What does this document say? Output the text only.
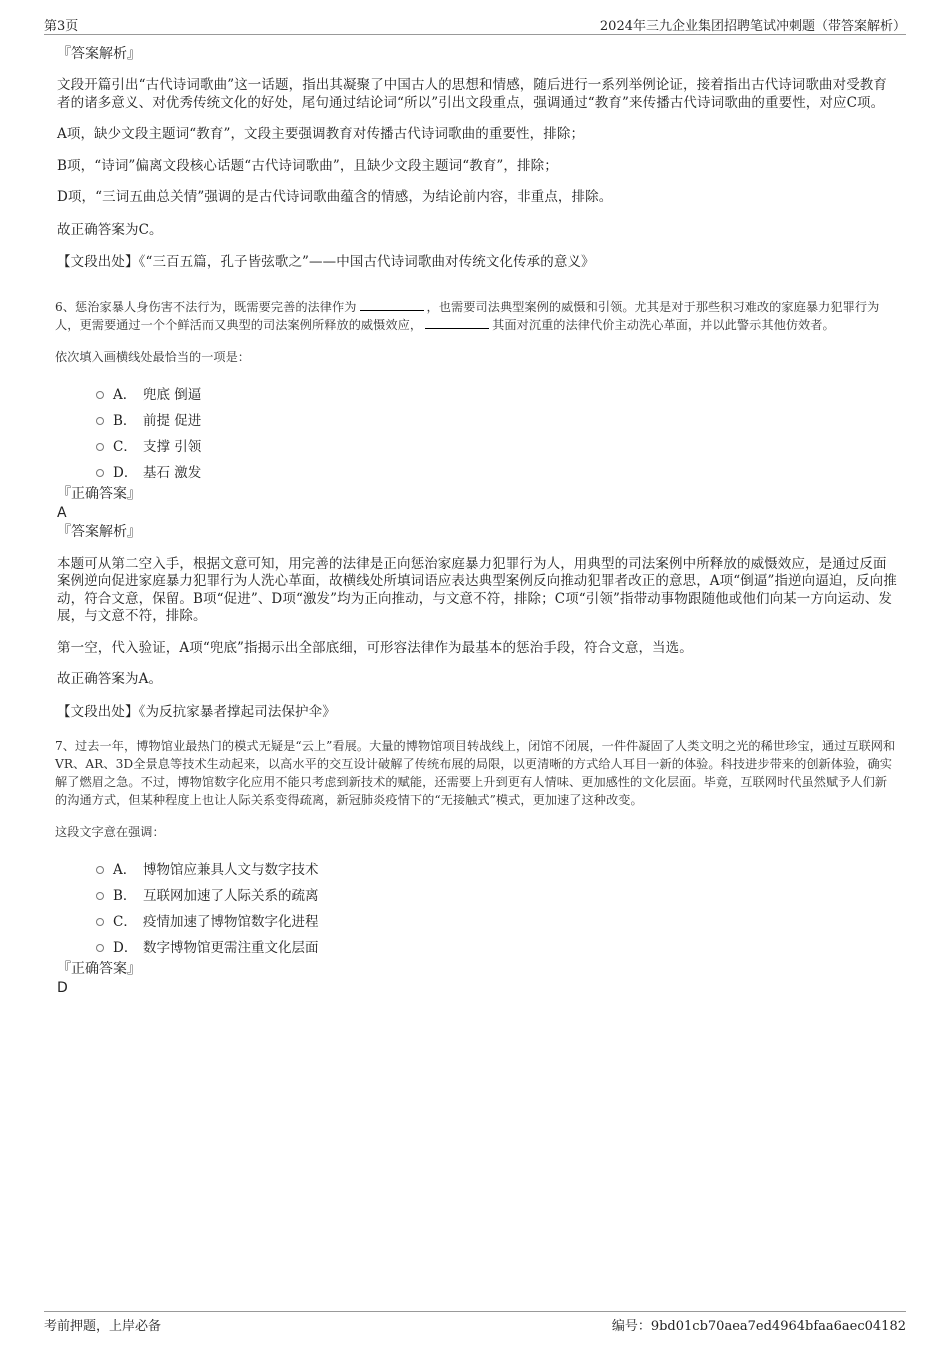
第3页	2024年三九企业集团招聘笔试冲刺题（带答案解析）

『答案解析』

文段开篇引出“古代诗词歌曲”这一话题，指出其凝聚了中国古人的思想和情感，随后进行一系列举例论证，接着指出古代诗词歌曲对受教育者的诸多意义、对优秀传统文化的好处，尾句通过结论词“所以”引出文段重点，强调通过“教育”来传播古代诗词歌曲的重要性，对应C项。

A项，缺少文段主题词“教育”，文段主要强调教育对传播古代诗词歌曲的重要性，排除；

B项，“诗词”偏离文段核心话题“古代诗词歌曲”，且缺少文段主题词“教育”，排除；

D项，“三词五曲总关情”强调的是古代诗词歌曲蕴含的情感，为结论前内容，非重点，排除。

故正确答案为C。

【文段出处】《“三百五篇，孔子皆弦歌之”——中国古代诗词歌曲对传统文化传承的意义》

6、惩治家暴人身伤害不法行为，既需要完善的法律作为	，也需要司法典型案例的威慑和引领。尤其是对于那些积习难改的家庭暴力犯罪行为人，更需要通过一个个鲜活而又典型的司法案例所释放的威慑效应，	其面对沉重的法律代价主动洗心革面，并以此警示其他仿效者。

依次填入画横线处最恰当的一项是：

A． 兜底 倒逼
B． 前提 促进
C． 支撑 引领
D． 基石 激发

『正确答案』

A

『答案解析』

本题可从第二空入手，根据文意可知，用完善的法律是正向惩治家庭暴力犯罪行为人，用典型的司法案例中所释放的威慑效应，是通过反面案例逆向促进家庭暴力犯罪行为人洗心革面，故横线处所填词语应表达典型案例反向推动犯罪者改正的意思，A项“倒逼”指逆向逼迫，反向推动，符合文意，保留。B项“促进”、D项“激发”均为正向推动，与文意不符，排除；C项“引领”指带动事物跟随他或他们向某一方向运动、发展，与文意不符，排除。

第一空，代入验证，A项“兜底”指揭示出全部底细，可形容法律作为最基本的惩治手段，符合文意，当选。

故正确答案为A。

【文段出处】《为反抗家暴者撑起司法保护伞》

7、过去一年，博物馆业最热门的模式无疑是“云上”看展。大量的博物馆项目转战线上，闭馆不闭展，一件件凝固了人类文明之光的稀世珍宝，通过互联网和VR、AR、3D全景息等技术生动起来，以高水平的交互设计破解了传统布展的局限，以更清晰的方式给人耳目一新的体验。科技进步带来的创新体验，确实解了燃眉之急。不过，博物馆数字化应用不能只考虑到新技术的赋能，还需要上升到更有人情味、更加感性的文化层面。毕竟，互联网时代虽然赋予人们新的沟通方式，但某种程度上也让人际关系变得疏离，新冠肺炎疫情下的“无接触式”模式，更加速了这种改变。

这段文字意在强调：

A． 博物馆应兼具人文与数字技术
B． 互联网加速了人际关系的疏离
C． 疫情加速了博物馆数字化进程
D． 数字博物馆更需注重文化层面

『正确答案』

D

考前押题，上岸必备	编号：9bd01cb70aea7ed4964bfaa6aec04182
